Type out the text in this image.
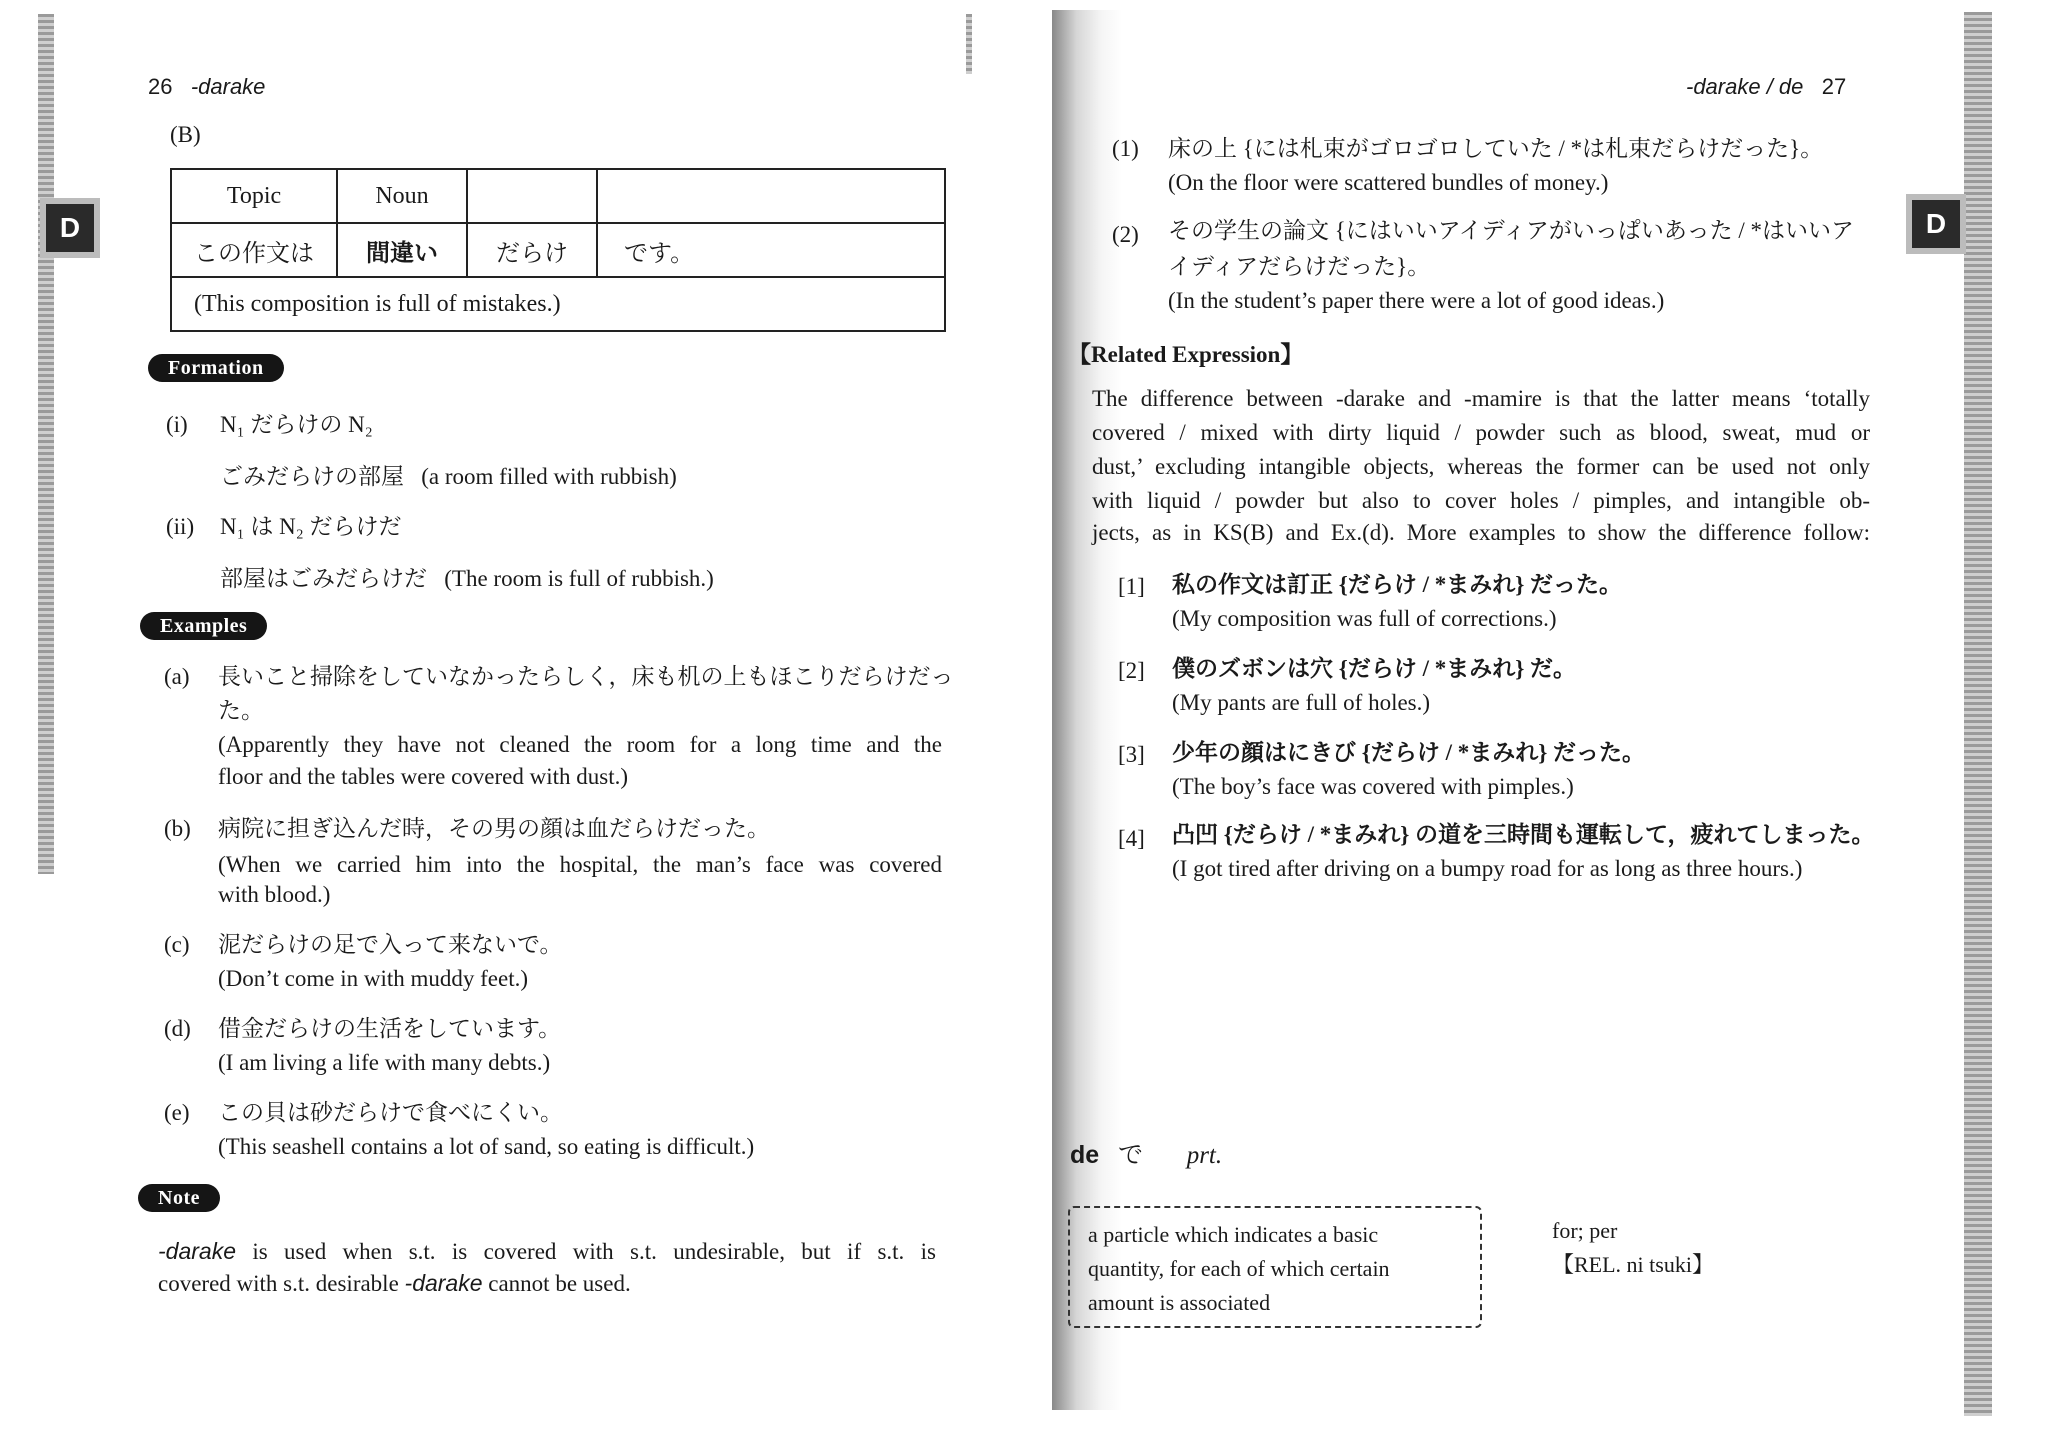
26 -darake
D
(B)
Topic	Noun		
この作文は	間違い	だらけ	です。
(This composition is full of mistakes.)			
Formation
(i) N₁ だらけの N₂
ごみだらけの部屋 (a room filled with rubbish)
(ii) N₁ は N₂ だらけだ
部屋はごみだらけだ (The room is full of rubbish.)
Examples
(a) 長いこと掃除をしていなかったらしく，床も机の上もほこりだらけだっ
た。
(Apparently they have not cleaned the room for a long time and the
floor and the tables were covered with dust.)
(b) 病院に担ぎ込んだ時，その男の顔は血だらけだった。
(When we carried him into the hospital, the man’s face was covered
with blood.)
(c) 泥だらけの足で入って来ないで。
(Don’t come in with muddy feet.)
(d) 借金だらけの生活をしています。
(I am living a life with many debts.)
(e) この貝は砂だらけで食べにくい。
(This seashell contains a lot of sand, so eating is difficult.)
Note
-darake is used when s.t. is covered with s.t. undesirable, but if s.t. is
covered with s.t. desirable -darake cannot be used.
-darake / de 27
D
(1) 床の上 {には札束がゴロゴロしていた / *は札束だらけだった}。
(On the floor were scattered bundles of money.)
(2) その学生の論文 {にはいいアイディアがいっぱいあった / *はいいア
イディアだらけだった}。
(In the student’s paper there were a lot of good ideas.)
【Related Expression】
The difference between -darake and -mamire is that the latter means ‘totally
covered / mixed with dirty liquid / powder such as blood, sweat, mud or
dust,’ excluding intangible objects, whereas the former can be used not only
with liquid / powder but also to cover holes / pimples, and intangible ob-
jects, as in KS(B) and Ex.(d). More examples to show the difference follow:
[1] 私の作文は訂正 {だらけ / *まみれ} だった。
(My composition was full of corrections.)
[2] 僕のズボンは穴 {だらけ / *まみれ} だ。
(My pants are full of holes.)
[3] 少年の顔はにきび {だらけ / *まみれ} だった。
(The boy’s face was covered with pimples.)
[4] 凸凹 {だらけ / *まみれ} の道を三時間も運転して，疲れてしまった。
(I got tired after driving on a bumpy road for as long as three hours.)
de で prt.
a particle which indicates a basic
quantity, for each of which certain
amount is associated
for; per
【REL. ni tsuki】
